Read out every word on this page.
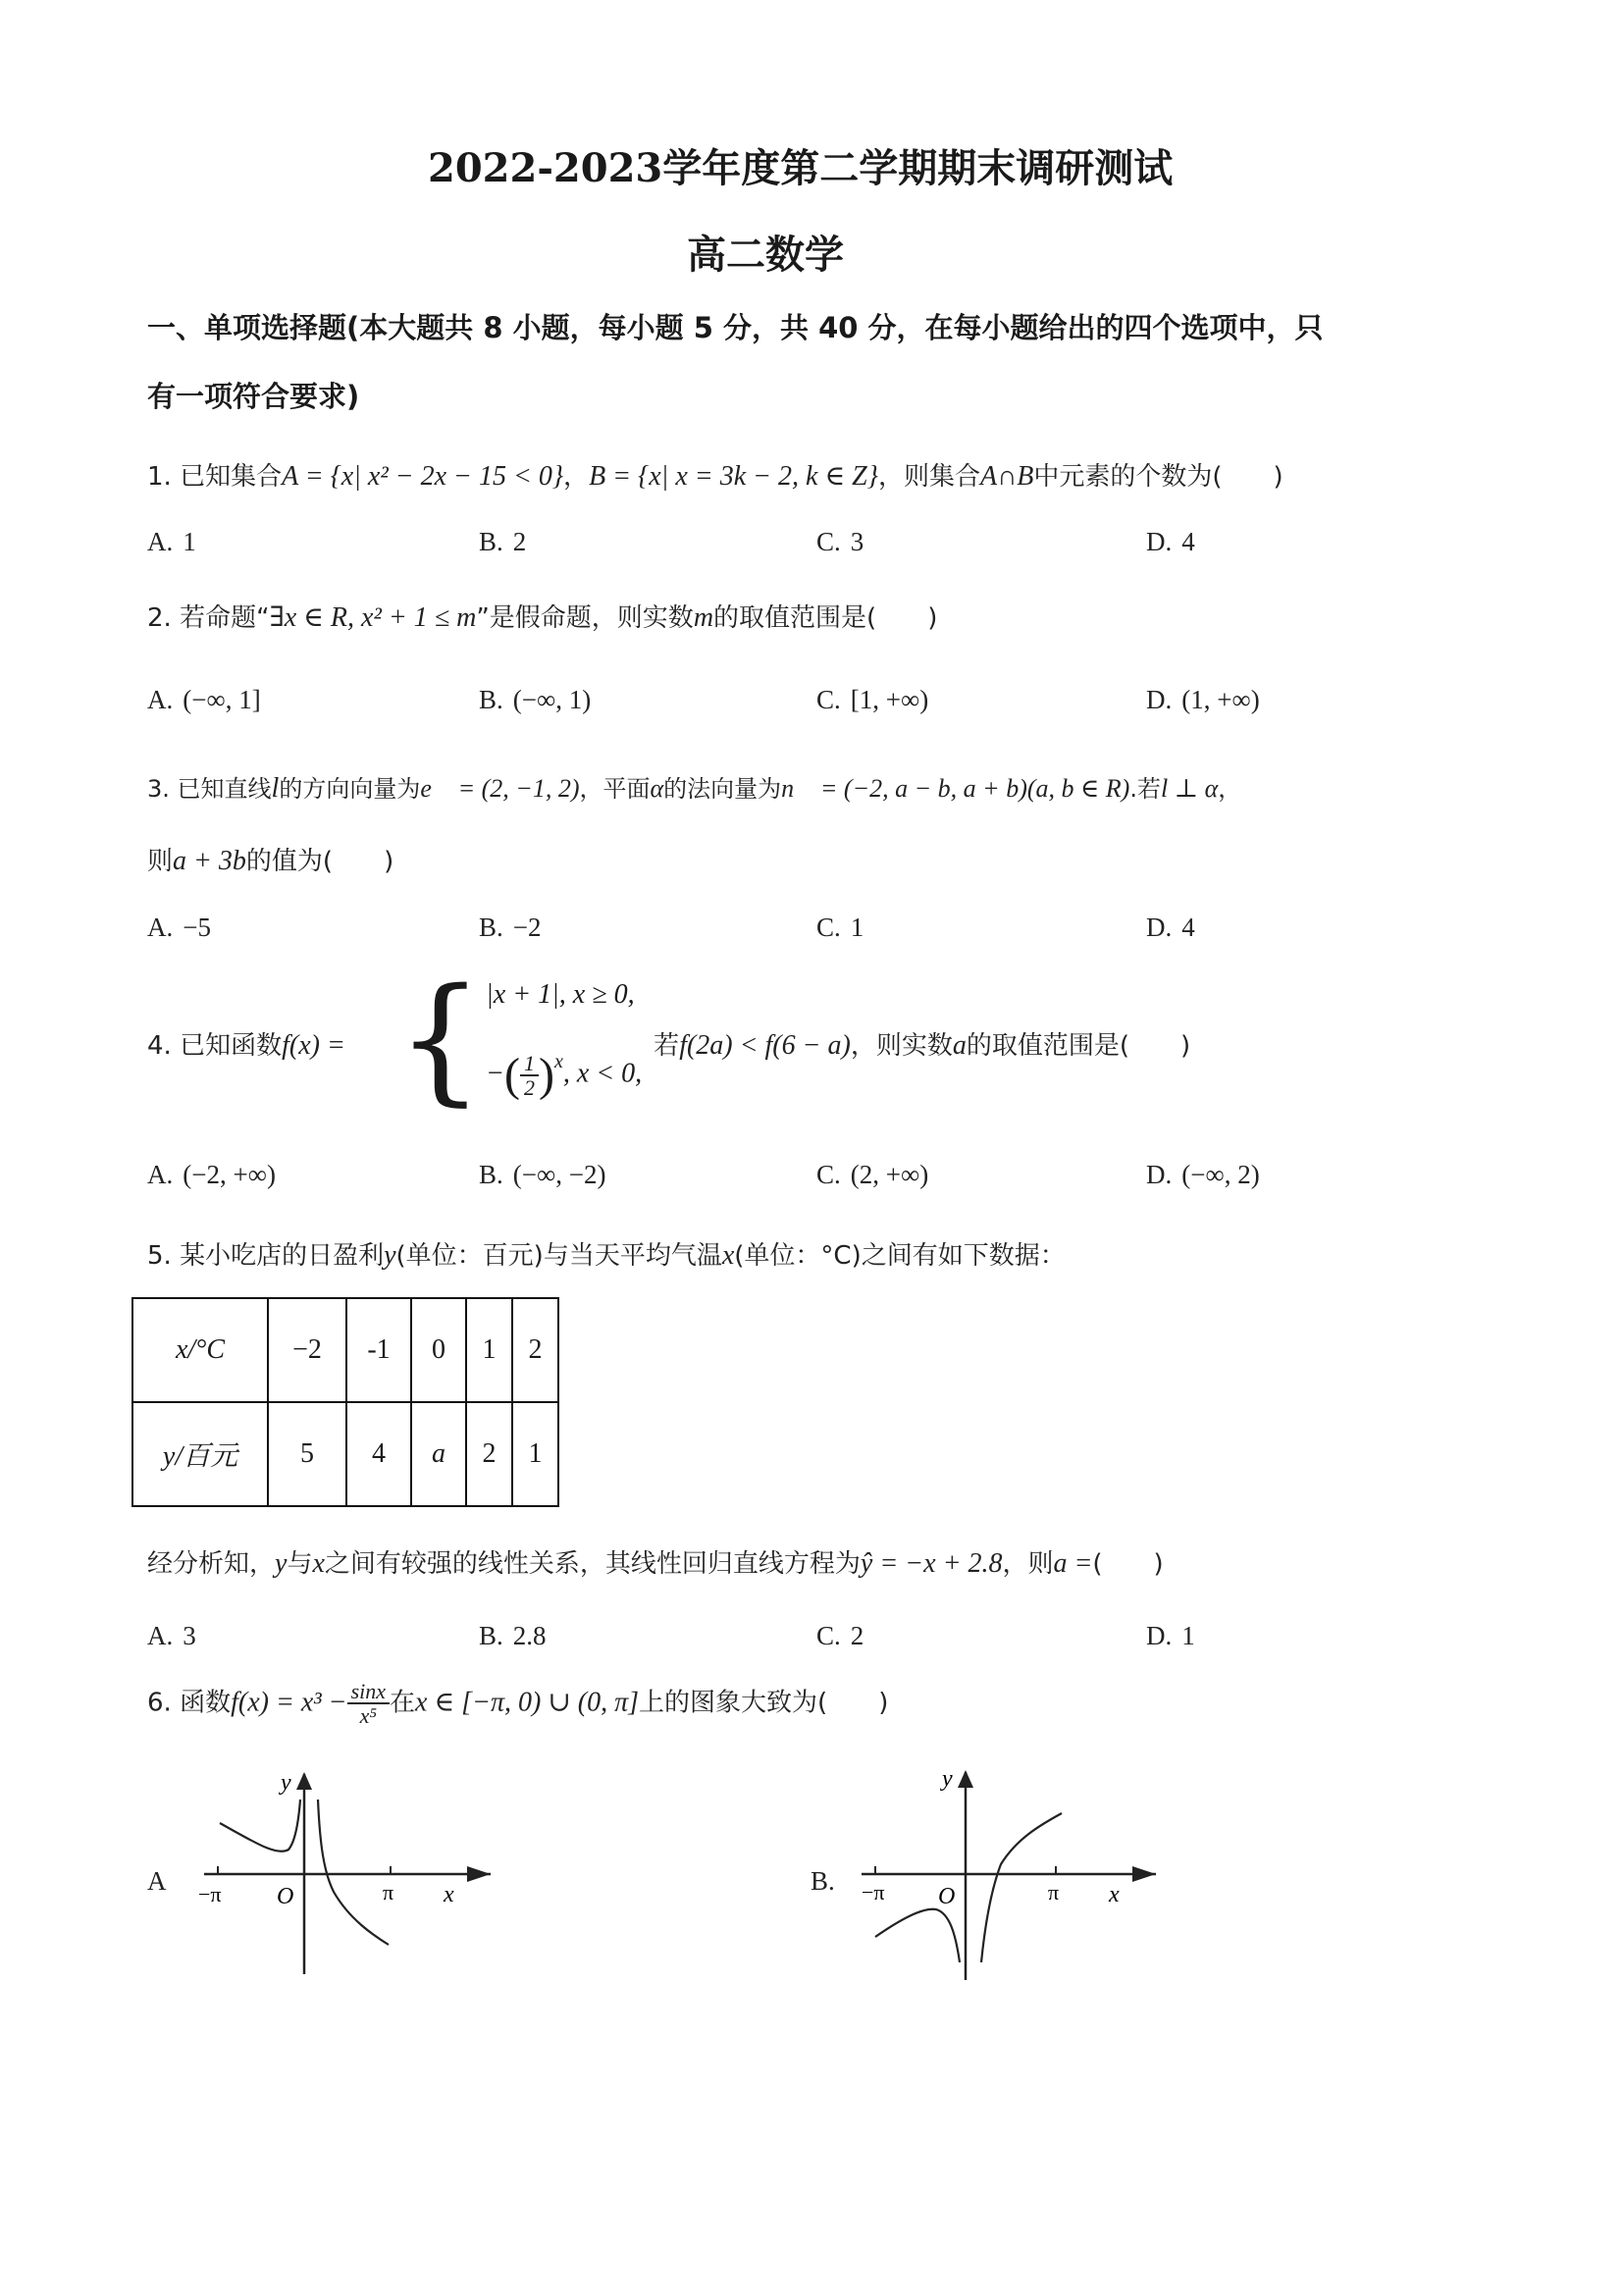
2022-2023学年度第二学期期末调研测试
高二数学
一、单项选择题(本大题共 8 小题，每小题 5 分，共 40 分，在每小题给出的四个选项中，只
有一项符合要求)
1. 已知集合A = {x| x² − 2x − 15 < 0}，B = {x| x = 3k − 2, k ∈ Z}，则集合A∩B中元素的个数为(　　)
A. 1	B. 2	C. 3	D. 4
2. 若命题“∃x ∈ R, x² + 1 ≤ m”是假命题，则实数m的取值范围是(　　)
A. (−∞, 1]	B. (−∞, 1)	C. [1, +∞)	D. (1, +∞)
3. 已知直线l的方向向量为e⃗ = (2, −1, 2)，平面α的法向量为n⃗ = (−2, a − b, a + b)(a, b ∈ R).若l ⊥ α，
则a + 3b的值为(　　)
A. −5	B. −2	C. 1	D. 4
4. 已知函数f(x) = { |x + 1|, x ≥ 0,
−( $\frac{1}{2} )^x$, x < 0,
若f(2a) < f(6 − a)，则实数a的取值范围是(　　)
A. (−2, +∞)	B. (−∞, −2)	C. (2, +∞)	D. (−∞, 2)
5. 某小吃店的日盈利y(单位：百元)与当天平均气温x(单位：°C)之间有如下数据：
x/°C	−2	-1	0	1	2
y/百元	5	4	a	2	1
经分析知，y与x之间有较强的线性关系，其线性回归直线方程为ŷ = −x + 2.8，则a =(　　)
A. 3	B. 2.8	C. 2	D. 1
6. 函数$f(x) = x^3 - \frac{\sin x}{\text{x⁵}}$ 在x ∈ [−π, 0) ∪ (0, π]上的图象大致为(　　)
A
y
x
O
−π	π	B.
y
x
O
−π	π
